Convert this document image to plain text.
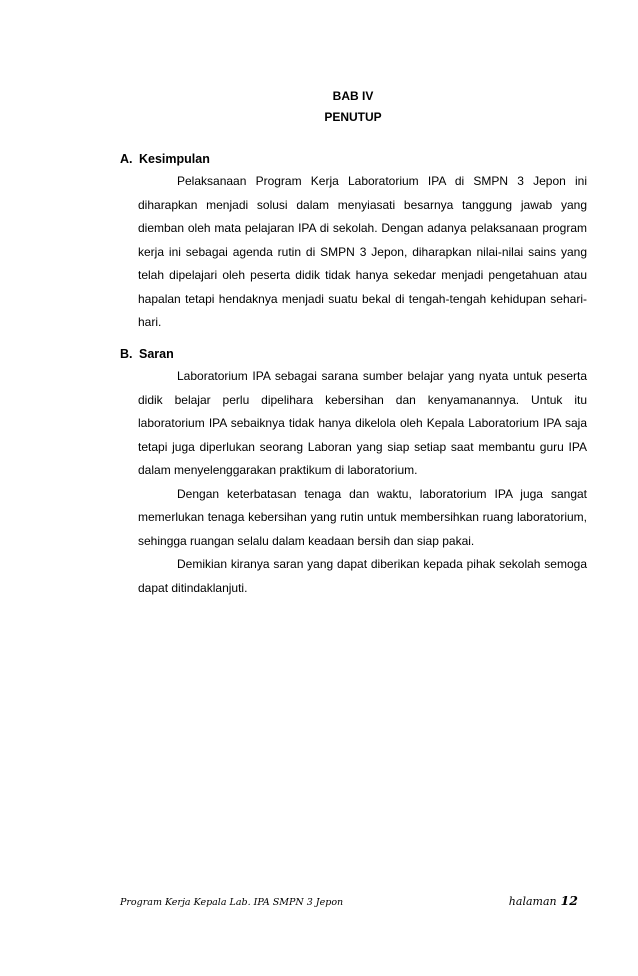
BAB IV
PENUTUP
A. Kesimpulan

Pelaksanaan Program Kerja Laboratorium IPA di SMPN 3 Jepon ini diharapkan menjadi solusi dalam menyiasati besarnya tanggung jawab yang diemban oleh mata pelajaran IPA di sekolah. Dengan adanya pelaksanaan program kerja ini sebagai agenda rutin di SMPN 3 Jepon, diharapkan nilai-nilai sains yang telah dipelajari oleh peserta didik tidak hanya sekedar menjadi pengetahuan atau hapalan tetapi hendaknya menjadi suatu bekal di tengah-tengah kehidupan sehari-hari.

B. Saran

Laboratorium IPA sebagai sarana sumber belajar yang nyata untuk peserta didik belajar perlu dipelihara kebersihan dan kenyamanannya. Untuk itu laboratorium IPA sebaiknya tidak hanya dikelola oleh Kepala Laboratorium IPA saja tetapi juga diperlukan seorang Laboran yang siap setiap saat membantu guru IPA dalam menyelenggarakan praktikum di laboratorium.

Dengan keterbatasan tenaga dan waktu, laboratorium IPA juga sangat memerlukan tenaga kebersihan yang rutin untuk membersihkan ruang laboratorium, sehingga ruangan selalu dalam keadaan bersih dan siap pakai.

Demikian kiranya saran yang dapat diberikan kepada pihak sekolah semoga dapat ditindaklanjuti.

Program Kerja Kepala Lab. IPA SMPN 3 Jepon	halaman 12
